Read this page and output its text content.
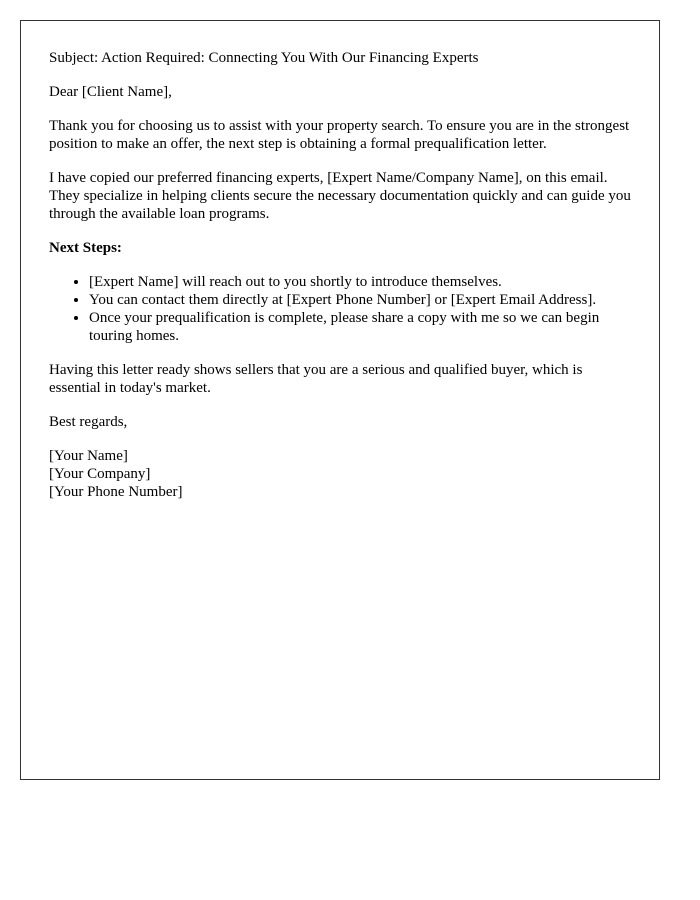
Subject: Action Required: Connecting You With Our Financing Experts

Dear [Client Name],

Thank you for choosing us to assist with your property search. To ensure you are in the strongest position to make an offer, the next step is obtaining a formal prequalification letter.

I have copied our preferred financing experts, [Expert Name/Company Name], on this email. They specialize in helping clients secure the necessary documentation quickly and can guide you through the available loan programs.

Next Steps:

• [Expert Name] will reach out to you shortly to introduce themselves.
• You can contact them directly at [Expert Phone Number] or [Expert Email Address].
• Once your prequalification is complete, please share a copy with me so we can begin touring homes.

Having this letter ready shows sellers that you are a serious and qualified buyer, which is essential in today's market.

Best regards,

[Your Name]

[Your Company]

[Your Phone Number]
